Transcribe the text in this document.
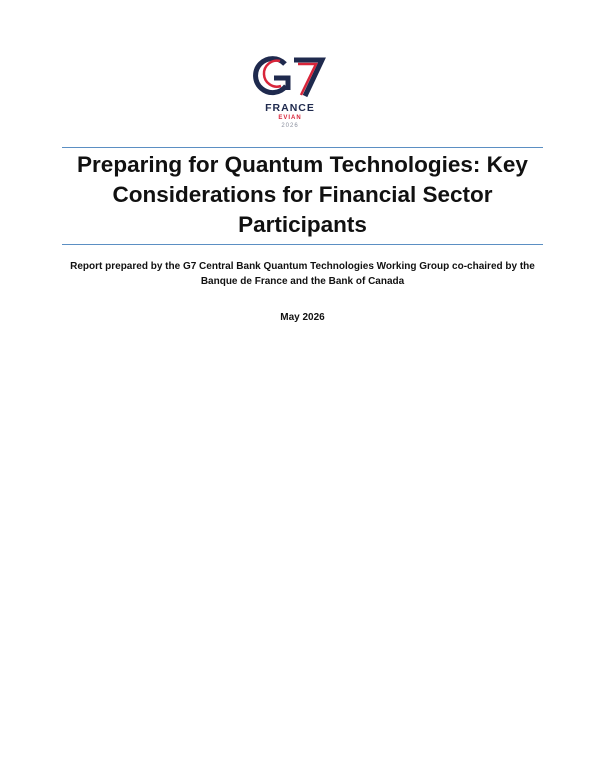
FRANCE
EVIAN
2026
Preparing for Quantum Technologies: Key Considerations for Financial Sector Participants
Report prepared by the G7 Central Bank Quantum Technologies Working Group co-chaired by the Banque de France and the Bank of Canada
May 2026
